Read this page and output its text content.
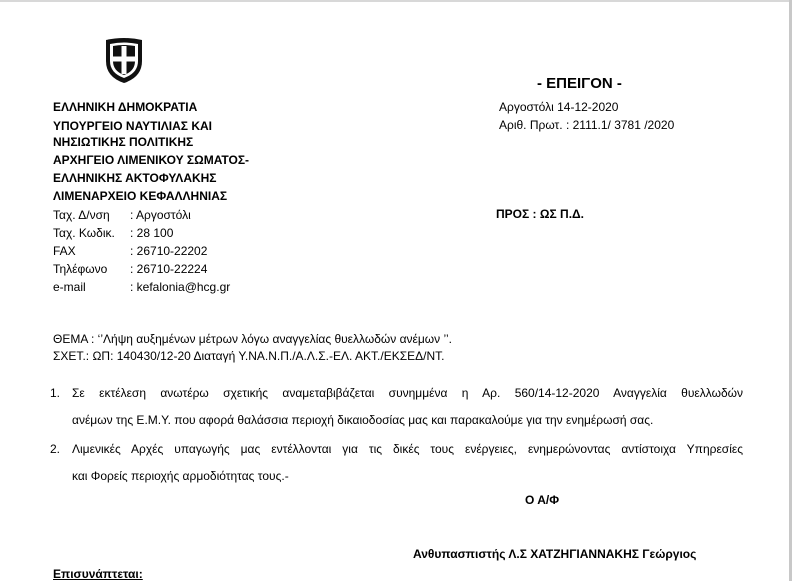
ΕΛΛΗΝΙΚΗ ΔΗΜΟΚΡΑΤΙΑ
ΥΠΟΥΡΓΕΙΟ ΝΑΥΤΙΛΙΑΣ ΚΑΙ
ΝΗΣΙΩΤΙΚΗΣ ΠΟΛΙΤΙΚΗΣ
ΑΡΧΗΓΕΙΟ ΛΙΜΕΝΙΚΟΥ ΣΩΜΑΤΟΣ-
ΕΛΛΗΝΙΚΗΣ ΑΚΤΟΦΥΛΑΚΗΣ
ΛΙΜΕΝΑΡΧΕΙΟ ΚΕΦΑΛΛΗΝΙΑΣ
Ταχ. Δ/νση : Αργοστόλι
Ταχ. Κωδικ. : 28 100
FAX	: 26710-22202
Τηλέφωνο : 26710-22224
e-mail	: kefalonia@hcg.gr
- ΕΠΕΙΓΟΝ -
Αργοστόλι 14-12-2020
Αριθ. Πρωτ. : 2111.1/ 3781 /2020
ΠΡΟΣ : ΩΣ Π.Δ.
ΘΕΜΑ : ‘’Λήψη αυξημένων μέτρων λόγω αναγγελίας θυελλωδών ανέμων ’’.
ΣΧΕΤ.: ΩΠ: 140430/12-20 Διαταγή Υ.ΝΑ.Ν.Π./Α.Λ.Σ.-ΕΛ. ΑΚΤ./ΕΚΣΕΔ/ΝΤ.
1. Σε εκτέλεση ανωτέρω σχετικής αναμεταβιβάζεται συνημμένα η Αρ. 560/14-12-2020 Αναγγελία θυελλωδών
ανέμων της Ε.Μ.Υ. που αφορά θαλάσσια περιοχή δικαιοδοσίας μας και παρακαλούμε για την ενημέρωσή σας.
2. Λιμενικές Αρχές υπαγωγής μας εντέλλονται για τις δικές τους ενέργειες, ενημερώνοντας αντίστοιχα Υπηρεσίες
και Φορείς περιοχής αρμοδιότητας τους.-
Ο Α/Φ
Ανθυπασπιστής Λ.Σ ΧΑΤΖΗΓΙΑΝΝΑΚΗΣ Γεώργιος
Επισυνάπτεται:
